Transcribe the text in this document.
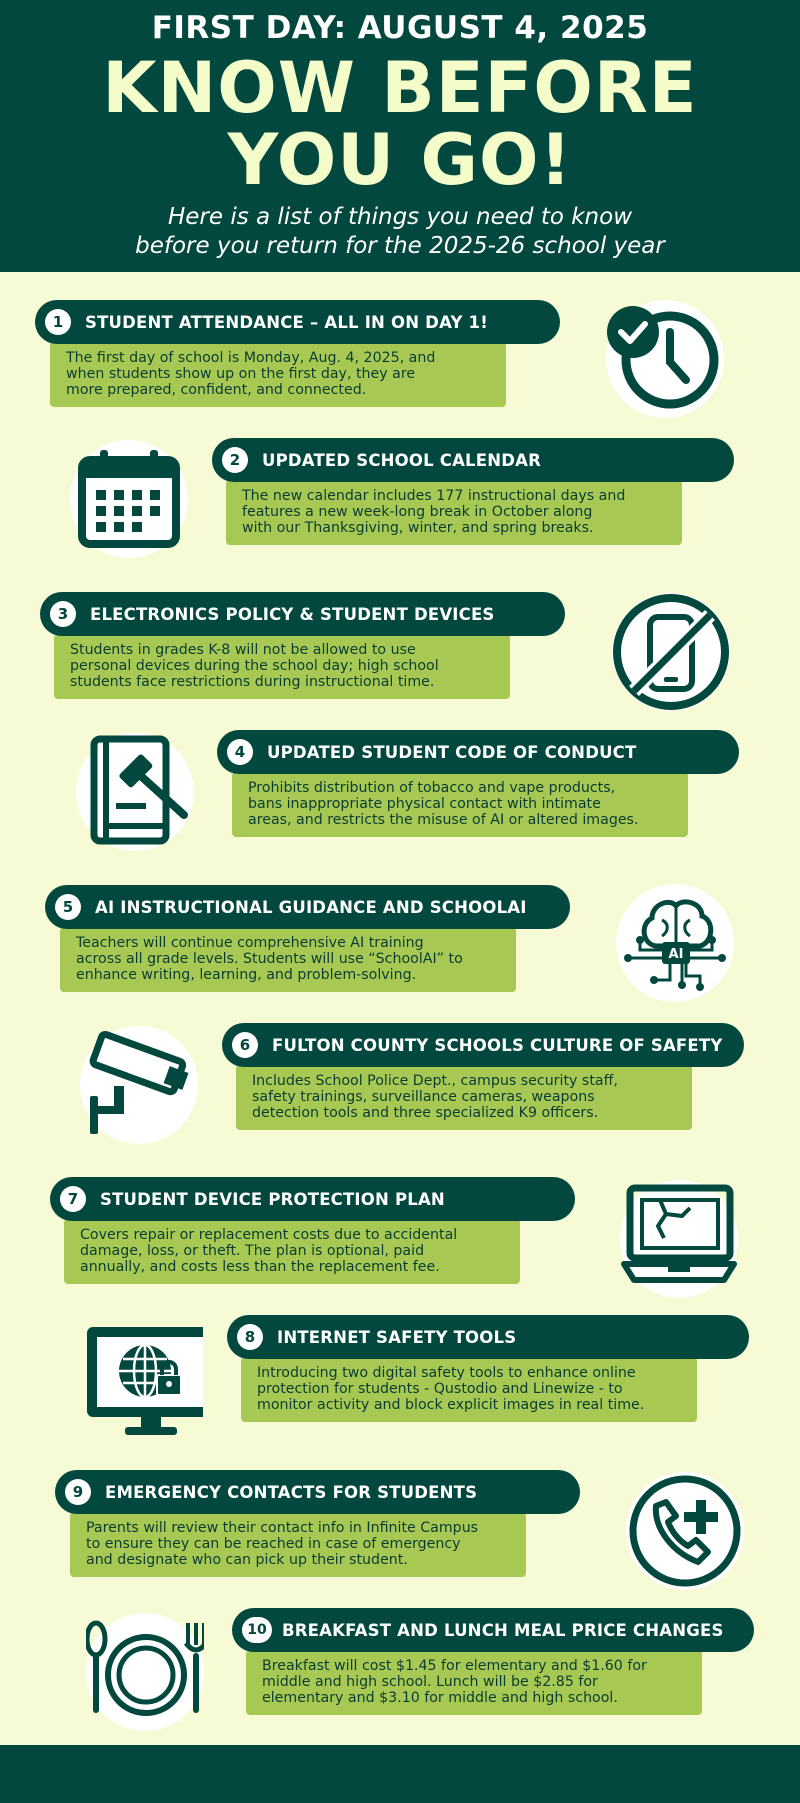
FIRST DAY: AUGUST 4, 2025
KNOW BEFORE
YOU GO!
Here is a list of things you need to know
before you return for the 2025-26 school year
1	STUDENT ATTENDANCE – ALL IN ON DAY 1!
The first day of school is Monday, Aug. 4, 2025, and
when students show up on the first day, they are
more prepared, confident, and connected.
2	UPDATED SCHOOL CALENDAR
The new calendar includes 177 instructional days and
features a new week-long break in October along
with our Thanksgiving, winter, and spring breaks.
3	ELECTRONICS POLICY & STUDENT DEVICES
Students in grades K-8 will not be allowed to use
personal devices during the school day; high school
students face restrictions during instructional time.
4	UPDATED STUDENT CODE OF CONDUCT
Prohibits distribution of tobacco and vape products,
bans inappropriate physical contact with intimate
areas, and restricts the misuse of AI or altered images.
5	AI INSTRUCTIONAL GUIDANCE AND SCHOOLAI
Teachers will continue comprehensive AI training
across all grade levels. Students will use “SchoolAI” to
enhance writing, learning, and problem-solving.
AI
6	FULTON COUNTY SCHOOLS CULTURE OF SAFETY
Includes School Police Dept., campus security staff,
safety trainings, surveillance cameras, weapons
detection tools and three specialized K9 officers.
7	STUDENT DEVICE PROTECTION PLAN
Covers repair or replacement costs due to accidental
damage, loss, or theft. The plan is optional, paid
annually, and costs less than the replacement fee.
8	INTERNET SAFETY TOOLS
Introducing two digital safety tools to enhance online
protection for students - Qustodio and Linewize - to
monitor activity and block explicit images in real time.
9	EMERGENCY CONTACTS FOR STUDENTS
Parents will review their contact info in Infinite Campus
to ensure they can be reached in case of emergency
and designate who can pick up their student.
10 BREAKFAST AND LUNCH MEAL PRICE CHANGES
Breakfast will cost $1.45 for elementary and $1.60 for
middle and high school. Lunch will be $2.85 for
elementary and $3.10 for middle and high school.
